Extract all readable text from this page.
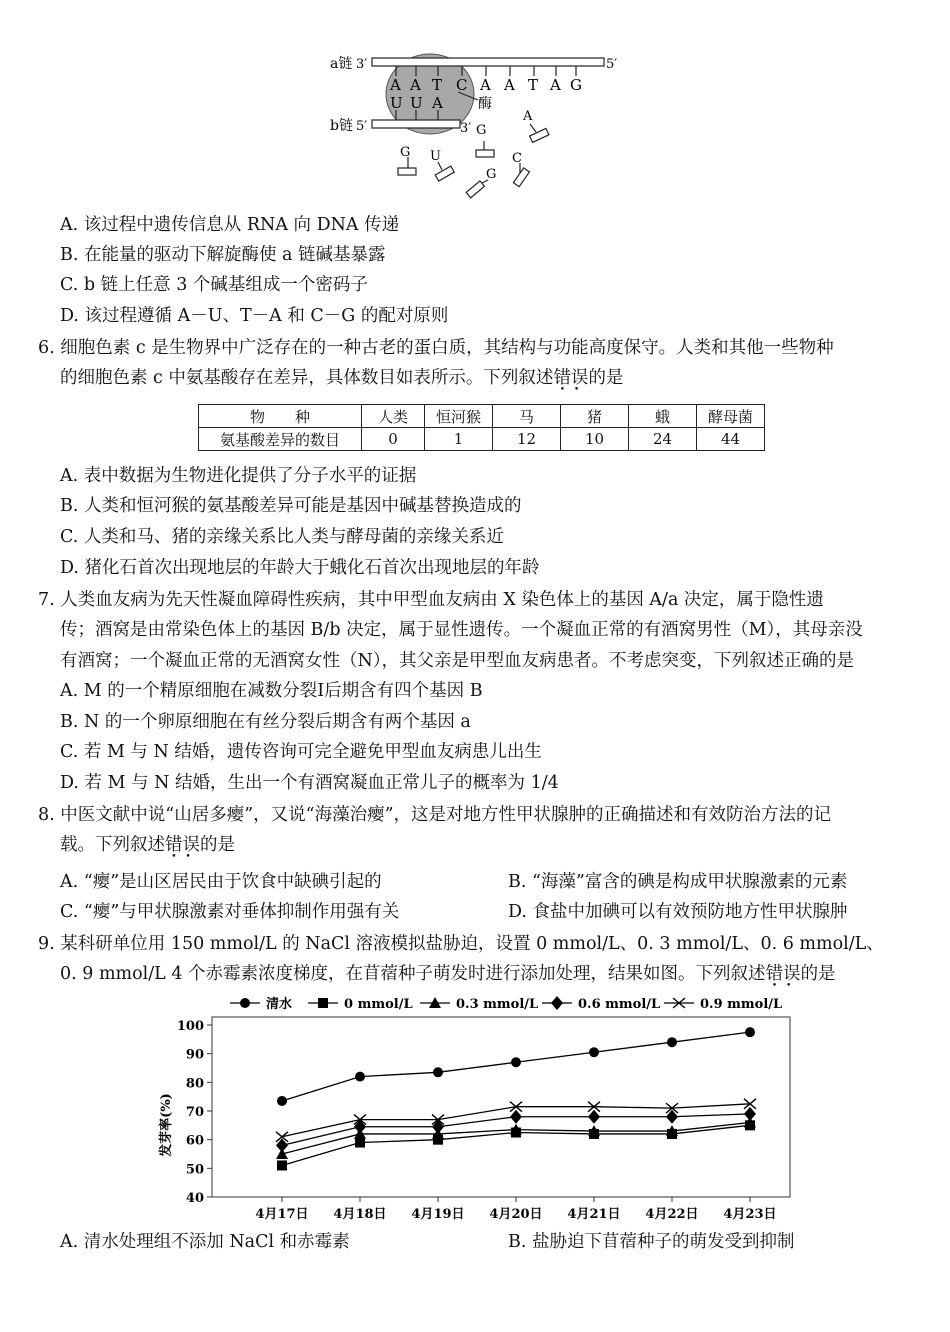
a链 3′	5′
b链 5′
A A T C A A T A G
U U A	酶
3′ G
A
G U	C
G
A. 该过程中遗传信息从 RNA 向 DNA 传递
B. 在能量的驱动下解旋酶使 a 链碱基暴露
C. b 链上任意 3 个碱基组成一个密码子
D. 该过程遵循 A－U、T－A 和 C－G 的配对原则
6. 细胞色素 c 是生物界中广泛存在的一种古老的蛋白质，其结构与功能高度保守。人类和其他一些物种
的细胞色素 c 中氨基酸存在差异，具体数目如表所示。下列叙述错误 • •的是
物　　种	人类	恒河猴	马	猪	蛾	酵母菌
氨基酸差异的数目	0	1	12	10	24	44
A. 表中数据为生物进化提供了分子水平的证据
B. 人类和恒河猴的氨基酸差异可能是基因中碱基替换造成的
C. 人类和马、猪的亲缘关系比人类与酵母菌的亲缘关系近
D. 猪化石首次出现地层的年龄大于蛾化石首次出现地层的年龄
7. 人类血友病为先天性凝血障碍性疾病，其中甲型血友病由 X 染色体上的基因 A/a 决定，属于隐性遗
传；酒窝是由常染色体上的基因 B/b 决定，属于显性遗传。一个凝血正常的有酒窝男性（M），其母亲没
有酒窝；一个凝血正常的无酒窝女性（N），其父亲是甲型血友病患者。不考虑突变，下列叙述正确的是
A. M 的一个精原细胞在减数分裂Ⅰ后期含有四个基因 B
B. N 的一个卵原细胞在有丝分裂后期含有两个基因 a
C. 若 M 与 N 结婚，遗传咨询可完全避免甲型血友病患儿出生
D. 若 M 与 N 结婚，生出一个有酒窝凝血正常儿子的概率为 1/4
8. 中医文献中说“山居多瘿”，又说“海藻治瘿”，这是对地方性甲状腺肿的正确描述和有效防治方法的记
载。下列叙述错误 • •的是
A. “瘿”是山区居民由于饮食中缺碘引起的	B. “海藻”富含的碘是构成甲状腺激素的元素
C. “瘿”与甲状腺激素对垂体抑制作用强有关	D. 食盐中加碘可以有效预防地方性甲状腺肿
9. 某科研单位用 150 mmol/L 的 NaCl 溶液模拟盐胁迫，设置 0 mmol/L、0. 3 mmol/L、0. 6 mmol/L、
0. 9 mmol/L 4 个赤霉素浓度梯度，在苜蓿种子萌发时进行添加处理，结果如图。下列叙述错误 • •的是
清水	0 mmol/L	0.3 mmol/L	0.6 mmol/L	0.9 mmol/L
40
50
60
70
80
90
100
4月17日 4月18日 4月19日 4月20日 4月21日 4月22日 4月23日
发芽率(%)
A. 清水处理组不添加 NaCl 和赤霉素	B. 盐胁迫下苜蓿种子的萌发受到抑制
